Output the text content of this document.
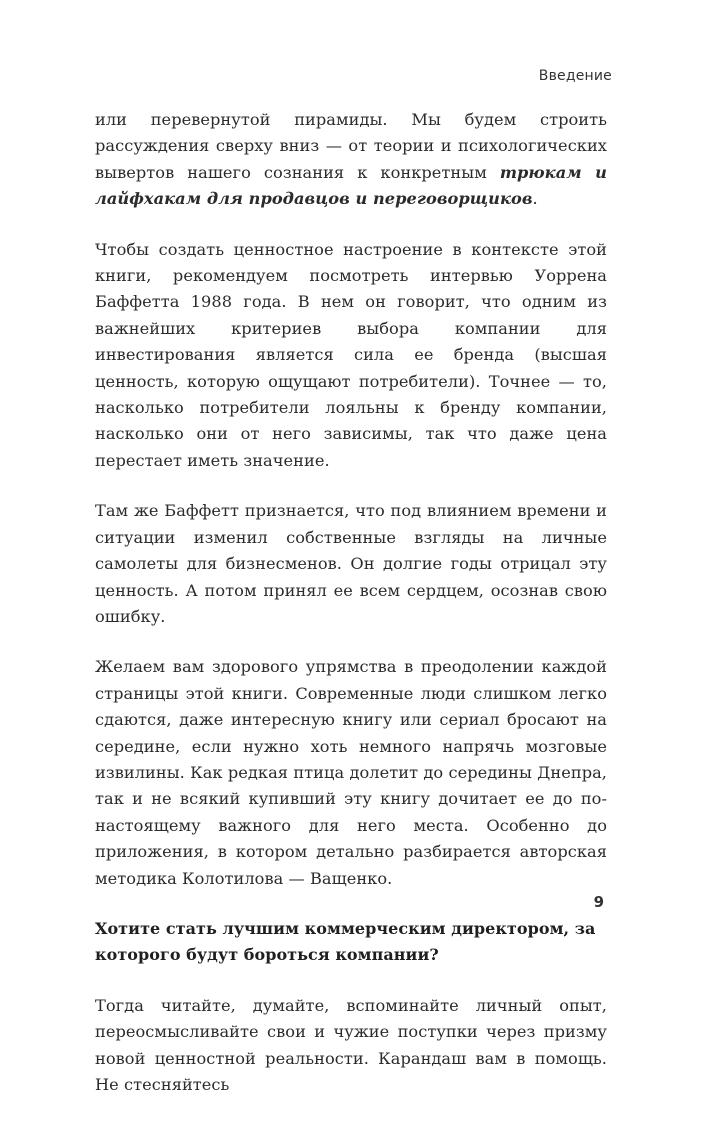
Введение

или перевернутой пирамиды. Мы будем строить рассуждения сверху вниз — от теории и психологических вывертов нашего сознания к конкретным трюкам и лайфхакам для продавцов и переговорщиков.

Чтобы создать ценностное настроение в контексте этой книги, рекомендуем посмотреть интервью Уоррена Баффетта 1988 года. В нем он говорит, что одним из важнейших критериев выбора компании для инвестирования является сила ее бренда (высшая ценность, которую ощущают потребители). Точнее — то, насколько потребители лояльны к бренду компании, насколько они от него зависимы, так что даже цена перестает иметь значение.

Там же Баффетт признается, что под влиянием времени и ситуации изменил собственные взгляды на личные самолеты для бизнесменов. Он долгие годы отрицал эту ценность. А потом принял ее всем сердцем, осознав свою ошибку.

Желаем вам здорового упрямства в преодолении каждой страницы этой книги. Современные люди слишком легко сдаются, даже интересную книгу или сериал бросают на середине, если нужно хоть немного напрячь мозговые извилины. Как редкая птица долетит до середины Днепра, так и не всякий купивший эту книгу дочитает ее до по-настоящему важного для него места. Особенно до приложения, в котором детально разбирается авторская методика Колотилова — Ващенко.

Хотите стать лучшим коммерческим директором, за которого будут бороться компании?

Тогда читайте, думайте, вспоминайте личный опыт, переосмысливайте свои и чужие поступки через призму новой ценностной реальности. Карандаш вам в помощь. Не стесняйтесь

9
